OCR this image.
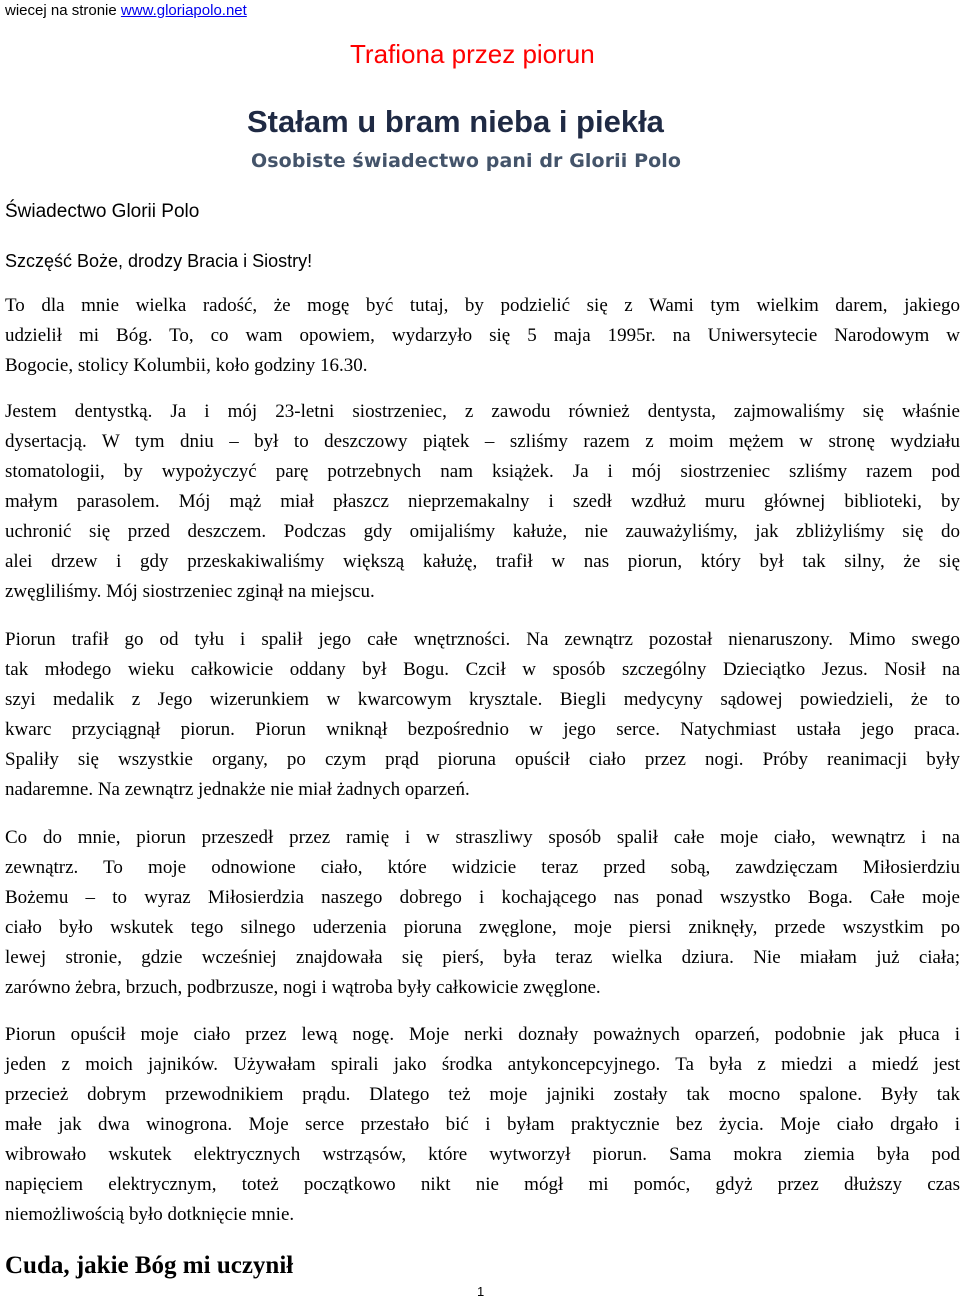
wiecej na stronie www.gloriapolo.net
Trafiona przez piorun
Stałam u bram nieba i piekła
Osobiste świadectwo pani dr Glorii Polo
Świadectwo Glorii Polo
Szczęść Boże, drodzy Bracia i Siostry!
To dla mnie wielka radość, że mogę być tutaj, by podzielić się z Wami tym wielkim darem, jakiego
udzielił mi Bóg. To, co wam opowiem, wydarzyło się 5 maja 1995r. na Uniwersytecie Narodowym w
Bogocie, stolicy Kolumbii, koło godziny 16.30.
Jestem dentystką. Ja i mój 23-letni siostrzeniec, z zawodu również dentysta, zajmowaliśmy się właśnie
dysertacją. W tym dniu – był to deszczowy piątek – szliśmy razem z moim mężem w stronę wydziału
stomatologii, by wypożyczyć parę potrzebnych nam książek. Ja i mój siostrzeniec szliśmy razem pod
małym parasolem. Mój mąż miał płaszcz nieprzemakalny i szedł wzdłuż muru głównej biblioteki, by
uchronić się przed deszczem. Podczas gdy omijaliśmy kałuże, nie zauważyliśmy, jak zbliżyliśmy się do
alei drzew i gdy przeskakiwaliśmy większą kałużę, trafił w nas piorun, który był tak silny, że się
zwęgliliśmy. Mój siostrzeniec zginął na miejscu.
Piorun trafił go od tyłu i spalił jego całe wnętrzności. Na zewnątrz pozostał nienaruszony. Mimo swego
tak młodego wieku całkowicie oddany był Bogu. Czcił w sposób szczególny Dzieciątko Jezus. Nosił na
szyi medalik z Jego wizerunkiem w kwarcowym krysztale. Biegli medycyny sądowej powiedzieli, że to
kwarc przyciągnął piorun. Piorun wniknął bezpośrednio w jego serce. Natychmiast ustała jego praca.
Spaliły się wszystkie organy, po czym prąd pioruna opuścił ciało przez nogi. Próby reanimacji były
nadaremne. Na zewnątrz jednakże nie miał żadnych oparzeń.
Co do mnie, piorun przeszedł przez ramię i w straszliwy sposób spalił całe moje ciało, wewnątrz i na
zewnątrz. To moje odnowione ciało, które widzicie teraz przed sobą, zawdzięczam Miłosierdziu
Bożemu – to wyraz Miłosierdzia naszego dobrego i kochającego nas ponad wszystko Boga. Całe moje
ciało było wskutek tego silnego uderzenia pioruna zwęglone, moje piersi zniknęły, przede wszystkim po
lewej stronie, gdzie wcześniej znajdowała się pierś, była teraz wielka dziura. Nie miałam już ciała;
zarówno żebra, brzuch, podbrzusze, nogi i wątroba były całkowicie zwęglone.
Piorun opuścił moje ciało przez lewą nogę. Moje nerki doznały poważnych oparzeń, podobnie jak płuca i
jeden z moich jajników. Używałam spirali jako środka antykoncepcyjnego. Ta była z miedzi a miedź jest
przecież dobrym przewodnikiem prądu. Dlatego też moje jajniki zostały tak mocno spalone. Były tak
małe jak dwa winogrona. Moje serce przestało bić i byłam praktycznie bez życia. Moje ciało drgało i
wibrowało wskutek elektrycznych wstrząsów, które wytworzył piorun. Sama mokra ziemia była pod
napięciem elektrycznym, toteż początkowo nikt nie mógł mi pomóc, gdyż przez dłuższy czas
niemożliwością było dotknięcie mnie.
Cuda, jakie Bóg mi uczynił
1
